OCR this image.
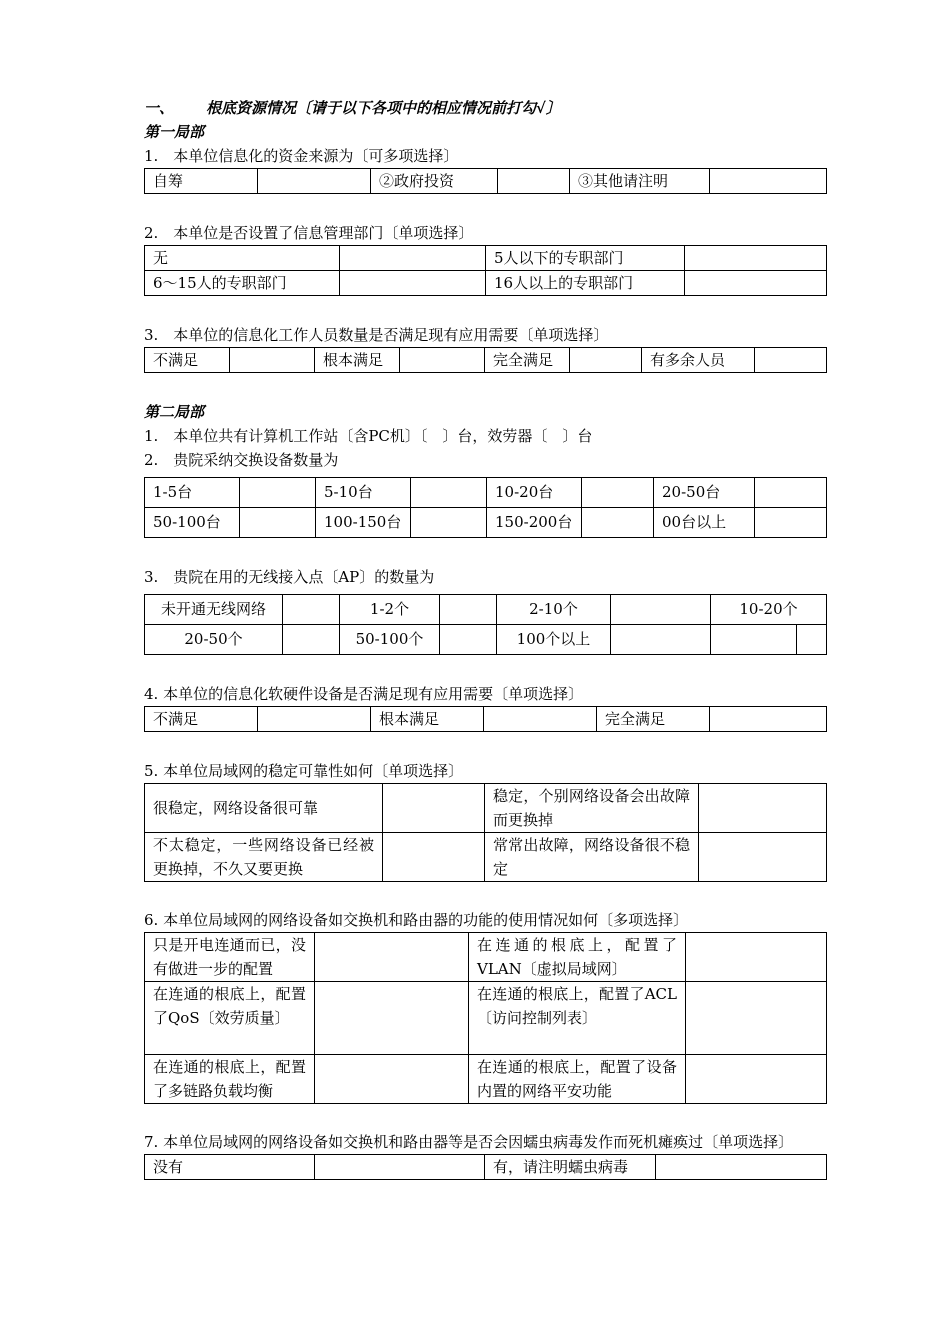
一、 根底资源情况〔请于以下各项中的相应情况前打勾√〕
第一局部
1.　本单位信息化的资金来源为〔可多项选择〕
自筹		②政府投资		③其他请注明	
2.　本单位是否设置了信息管理部门〔单项选择〕
无		5人以下的专职部门	
6～15人的专职部门		16人以上的专职部门	
3.　本单位的信息化工作人员数量是否满足现有应用需要〔单项选择〕
不满足		根本满足		完全满足		有多余人员	
第二局部
1.　本单位共有计算机工作站〔含PC机〕〔　〕台，效劳器〔　〕台
2.　贵院采纳交换设备数量为
1-5台		5-10台		10-20台		20-50台	
50-100台		100-150台		150-200台		00台以上	
3.　贵院在用的无线接入点〔AP〕的数量为
未开通无线网络		1-2个		2-10个		10-20个	
20-50个		50-100个		100个以上			
4. 本单位的信息化软硬件设备是否满足现有应用需要〔单项选择〕
不满足		根本满足		完全满足	
5. 本单位局域网的稳定可靠性如何〔单项选择〕
很稳定，网络设备很可靠		稳定，个别网络设备会出故障而更换掉	
不太稳定，一些网络设备已经被更换掉，不久又要更换		常常出故障，网络设备很不稳定	
6. 本单位局域网的网络设备如交换机和路由器的功能的使用情况如何〔多项选择〕
只是开电连通而已，没有做进一步的配置		在连通的根底上，配置了VLAN〔虚拟局域网〕	
在连通的根底上，配置了QoS〔效劳质量〕		在连通的根底上，配置了ACL〔访问控制列表〕	
在连通的根底上，配置了多链路负载均衡		在连通的根底上，配置了设备内置的网络平安功能	
7. 本单位局域网的网络设备如交换机和路由器等是否会因蠕虫病毒发作而死机瘫痪过〔单项选择〕
没有		有，请注明蠕虫病毒	
